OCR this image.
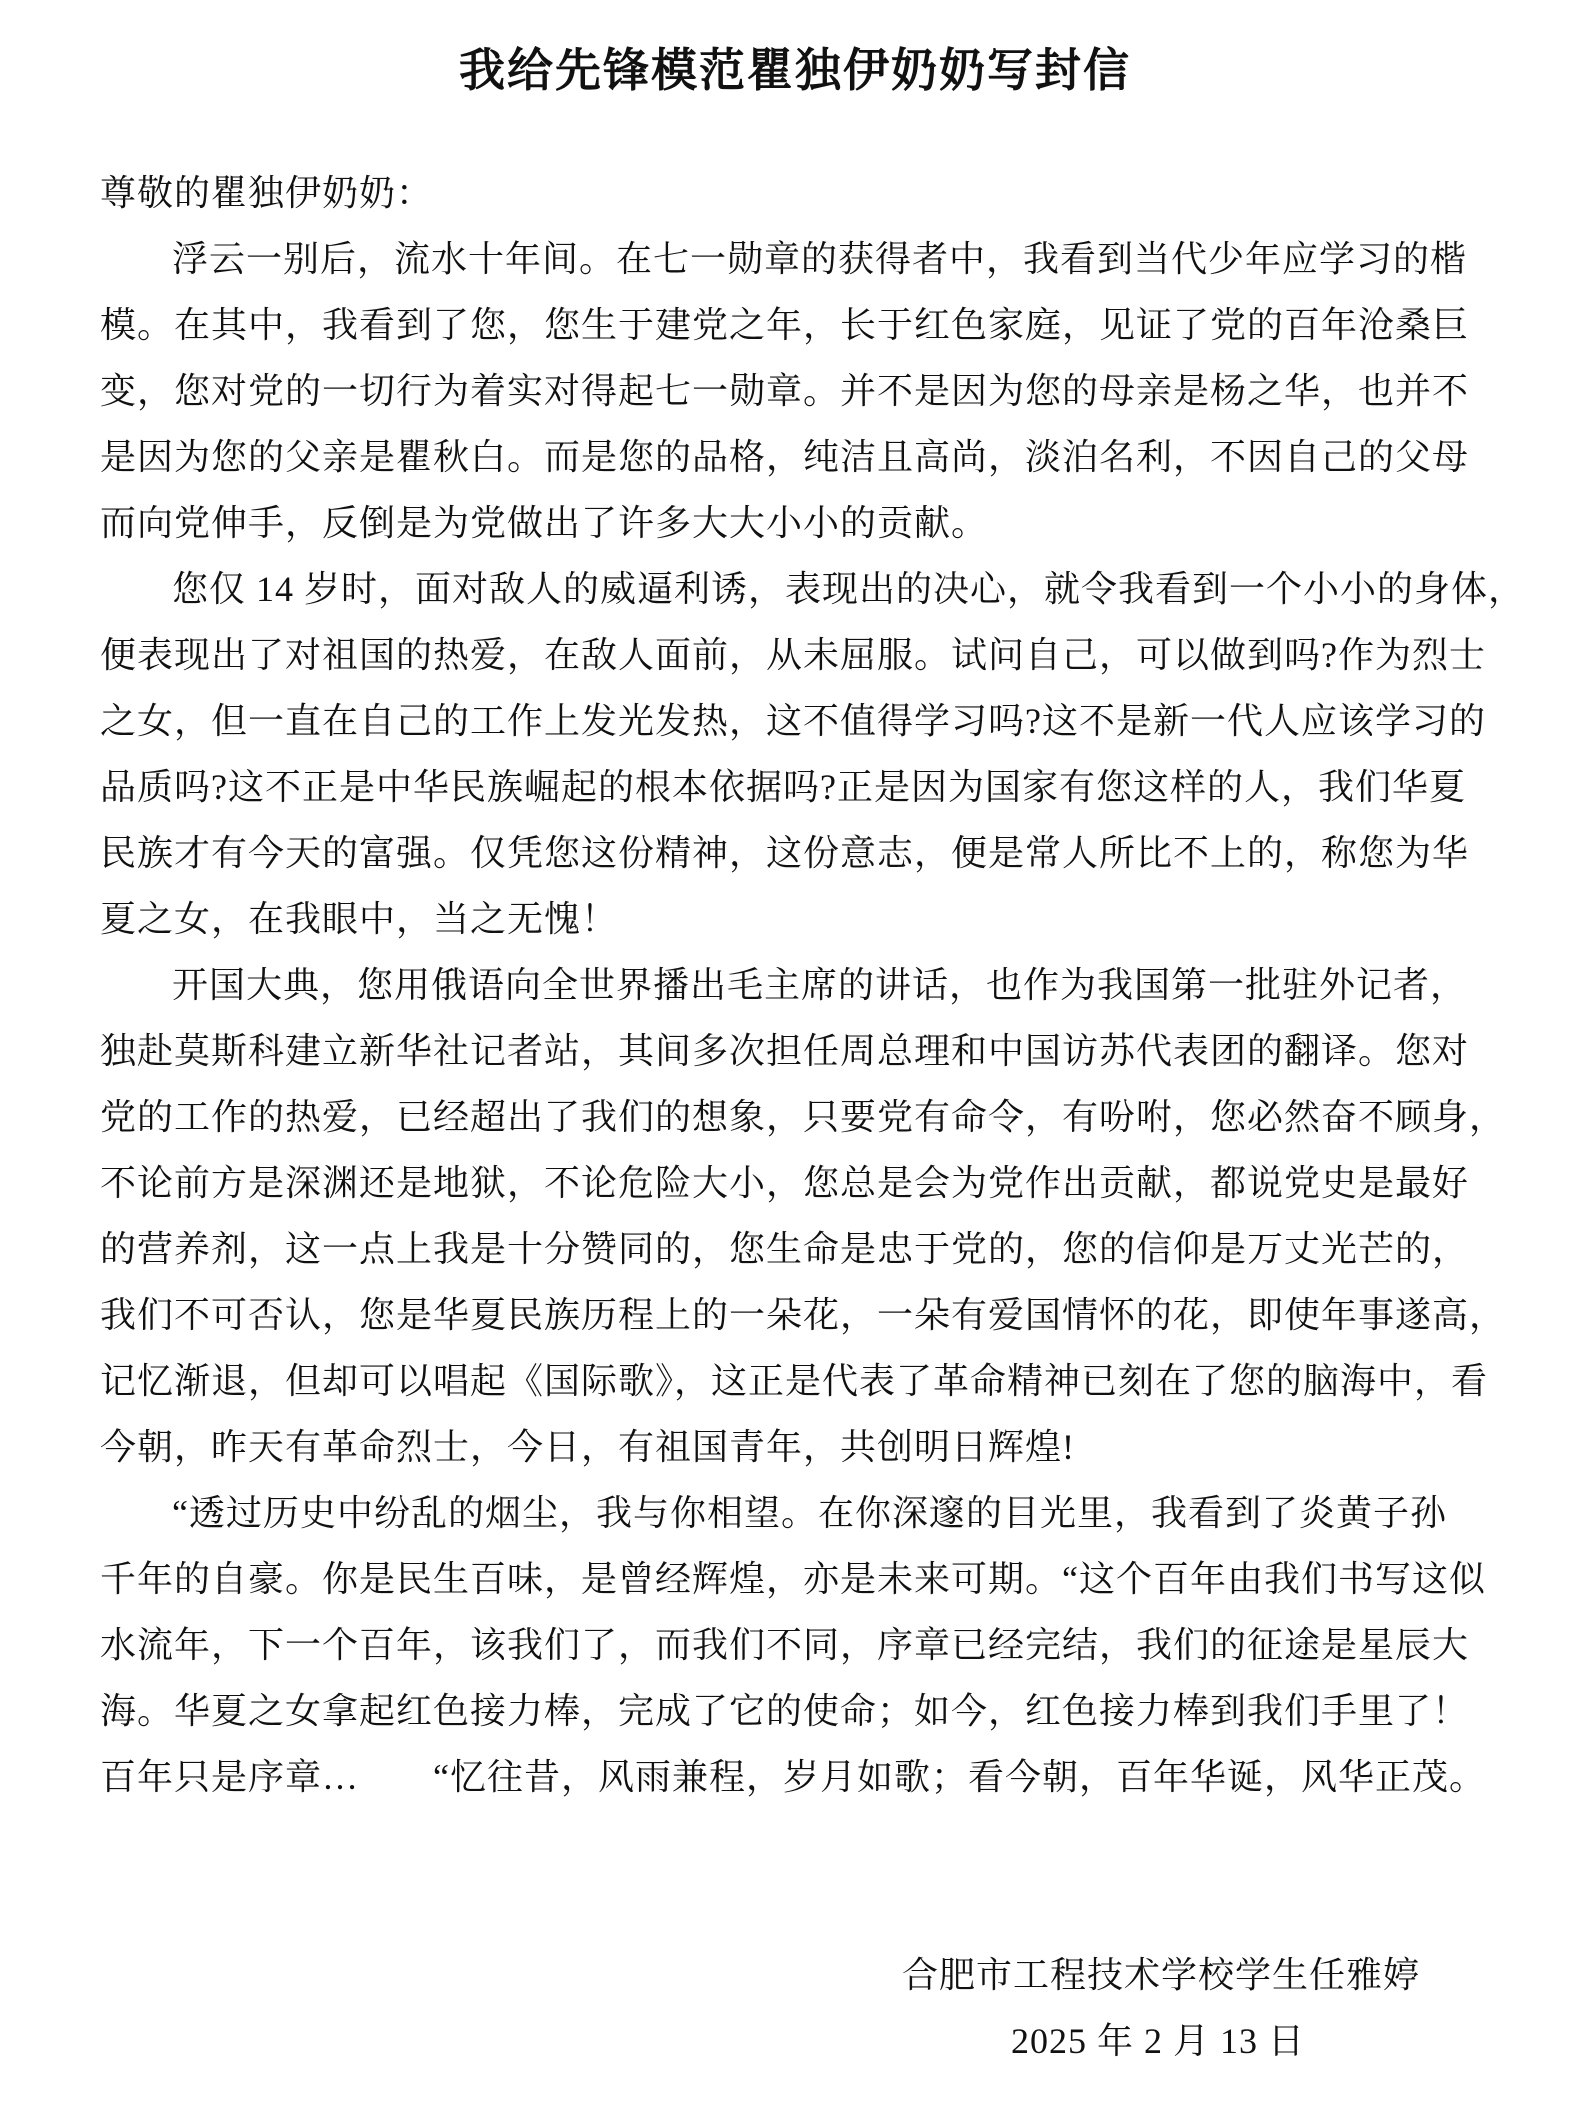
我给先锋模范瞿独伊奶奶写封信
尊敬的瞿独伊奶奶：
浮云一别后，流水十年间。在七一勋章的获得者中，我看到当代少年应学习的楷
模。在其中，我看到了您，您生于建党之年，长于红色家庭，见证了党的百年沧桑巨
变，您对党的一切行为着实对得起七一勋章。并不是因为您的母亲是杨之华，也并不
是因为您的父亲是瞿秋白。而是您的品格，纯洁且高尚，淡泊名利，不因自己的父母
而向党伸手，反倒是为党做出了许多大大小小的贡献。
您仅 14 岁时，面对敌人的威逼利诱，表现出的决心，就令我看到一个小小的身体，
便表现出了对祖国的热爱，在敌人面前，从未屈服。试问自己，可以做到吗?作为烈士
之女，但一直在自己的工作上发光发热，这不值得学习吗?这不是新一代人应该学习的
品质吗?这不正是中华民族崛起的根本依据吗?正是因为国家有您这样的人，我们华夏
民族才有今天的富强。仅凭您这份精神，这份意志，便是常人所比不上的，称您为华
夏之女，在我眼中，当之无愧！
开国大典，您用俄语向全世界播出毛主席的讲话，也作为我国第一批驻外记者，
独赴莫斯科建立新华社记者站，其间多次担任周总理和中国访苏代表团的翻译。您对
党的工作的热爱，已经超出了我们的想象，只要党有命令，有吩咐，您必然奋不顾身，
不论前方是深渊还是地狱，不论危险大小，您总是会为党作出贡献，都说党史是最好
的营养剂，这一点上我是十分赞同的，您生命是忠于党的，您的信仰是万丈光芒的，
我们不可否认，您是华夏民族历程上的一朵花，一朵有爱国情怀的花，即使年事遂高，
记忆渐退，但却可以唱起《国际歌》，这正是代表了革命精神已刻在了您的脑海中，看
今朝，昨天有革命烈士，今日，有祖国青年，共创明日辉煌!
“透过历史中纷乱的烟尘，我与你相望。在你深邃的目光里，我看到了炎黄子孙
千年的自豪。你是民生百味，是曾经辉煌，亦是未来可期。“这个百年由我们书写这似
水流年，下一个百年，该我们了，而我们不同，序章已经完结，我们的征途是星辰大
海。华夏之女拿起红色接力棒，完成了它的使命；如今，红色接力棒到我们手里了！
百年只是序章…　　“忆往昔，风雨兼程，岁月如歌；看今朝，百年华诞，风华正茂。
合肥市工程技术学校学生任雅婷
2025 年 2 月 13 日
